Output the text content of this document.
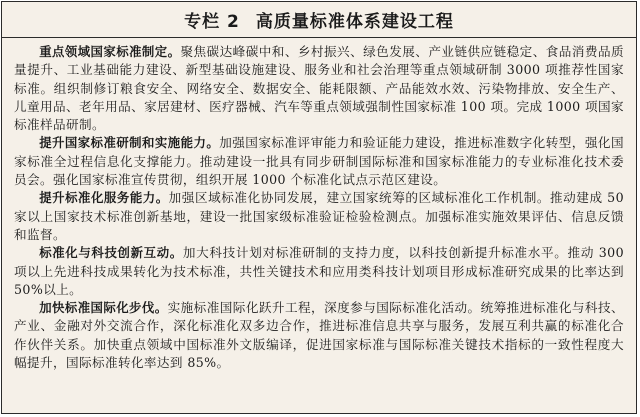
专栏 2 高质量标准体系建设工程

重点领域国家标准制定。聚焦碳达峰碳中和、乡村振兴、绿色发展、产业链供应链稳定、食品消费品质量提升、工业基础能力建设、新型基础设施建设、服务业和社会治理等重点领域研制 3000 项推荐性国家标准。组织制修订粮食安全、网络安全、数据安全、能耗限额、产品能效水效、污染物排放、安全生产、儿童用品、老年用品、家居建材、医疗器械、汽车等重点领域强制性国家标准 100 项。完成 1000 项国家标准样品研制。

提升国家标准研制和实施能力。加强国家标准评审能力和验证能力建设，推进标准数字化转型，强化国家标准全过程信息化支撑能力。推动建设一批具有同步研制国际标准和国家标准能力的专业标准化技术委员会。强化国家标准宣传贯彻，组织开展 1000 个标准化试点示范区建设。

提升标准化服务能力。加强区域标准化协同发展，建立国家统筹的区域标准化工作机制。推动建成 50 家以上国家技术标准创新基地，建设一批国家级标准验证检验检测点。加强标准实施效果评估、信息反馈和监督。

标准化与科技创新互动。加大科技计划对标准研制的支持力度，以科技创新提升标准水平。推动 300 项以上先进科技成果转化为技术标准，共性关键技术和应用类科技计划项目形成标准研究成果的比率达到 50%以上。

加快标准国际化步伐。实施标准国际化跃升工程，深度参与国际标准化活动。统筹推进标准化与科技、产业、金融对外交流合作，深化标准化双多边合作，推进标准信息共享与服务，发展互利共赢的标准化合作伙伴关系。加快重点领域中国标准外文版编译，促进国家标准与国际标准关键技术指标的一致性程度大幅提升，国际标准转化率达到 85%。
